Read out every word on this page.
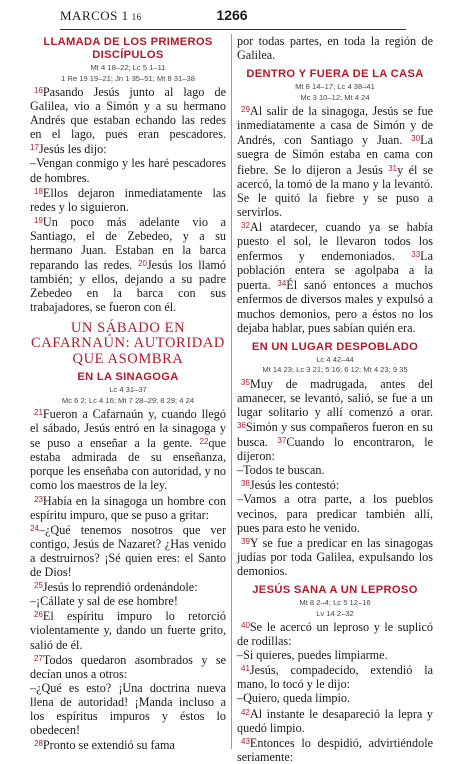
MARCOS 1 16	1266
LLAMADA DE LOS PRIMEROS DISCÍPULOS
Mt 4 18–22; Lc 5 1–11
1 Re 19 19–21; Jn 1 35–51; Mt 8 31–38

$^{16}$Pasando Jesús junto al lago de Galilea, vio a Simón y a su hermano Andrés que estaban echando las redes en el lago, pues eran pescadores. $^{17}$Jesús les dijo:

–Vengan conmigo y les haré pescadores de hombres.

$^{18}$Ellos dejaron inmediatamente las redes y lo siguieron.

$^{19}$Un poco más adelante vio a Santiago, el de Zebedeo, y a su hermano Juan. Estaban en la barca reparando las redes. $^{20}$Jesús los llamó también; y ellos, dejando a su padre Zebedeo en la barca con sus trabajadores, se fueron con él.

UN SÁBADO EN CAFARNAÚN: AUTORIDAD QUE ASOMBRA
EN LA SINAGOGA
Lc 4 31–37
Mc 6 2; Lc 4 16; Mt 7 28–29; 8 29; 4 24

$^{21}$Fueron a Cafarnaún y, cuando llegó el sábado, Jesús entró en la sinagoga y se puso a enseñar a la gente. $^{22}$que estaba admirada de su enseñanza, porque les enseñaba con autoridad, y no como los maestros de la ley.

$^{23}$Había en la sinagoga un hombre con espíritu impuro, que se puso a gritar:

$^{24}$–¿Qué tenemos nosotros que ver contigo, Jesús de Nazaret? ¿Has venido a destruirnos? ¡Sé quien eres: el Santo de Dios!

$^{25}$Jesús lo reprendió ordenándole:

–¡Cállate y sal de ese hombre!

$^{26}$El espíritu impuro lo retorció violentamente y, dando un fuerte grito, salió de él.

$^{27}$Todos quedaron asombrados y se decían unos a otros:

–¿Qué es esto? ¡Una doctrina nueva llena de autoridad! ¡Manda incluso a los espíritus impuros y éstos lo obedecen!

$^{28}$Pronto se extendió su fama

por todas partes, en toda la región de Galilea.

DENTRO Y FUERA DE LA CASA
Mt 8 14–17; Lc 4 38–41
Mc 3 10–12; Mt 4 24

$^{29}$Al salir de la sinagoga, Jesús se fue inmediatamente a casa de Simón y de Andrés, con Santiago y Juan. $^{30}$La suegra de Simón estaba en cama con fiebre. Se lo dijeron a Jesús $^{31}$y él se acercó, la tomó de la mano y la levantó. Se le quitó la fiebre y se puso a servirlos.

$^{32}$Al atardecer, cuando ya se había puesto el sol, le llevaron todos los enfermos y endemoniados. $^{33}$La población entera se agolpaba a la puerta. $^{34}$Él sanó entonces a muchos enfermos de diversos males y expulsó a muchos demonios, pero a éstos no los dejaba hablar, pues sabían quién era.

EN UN LUGAR DESPOBLADO
Lc 4 42–44
Mt 14 23; Lc 3 21; 5 16; 6 12; Mt 4 23; 9 35

$^{35}$Muy de madrugada, antes del amanecer, se levantó, salió, se fue a un lugar solitario y allí comenzó a orar. $^{36}$Simón y sus compañeros fueron en su busca. $^{37}$Cuando lo encontraron, le dijeron:

–Todos te buscan.

$^{38}$Jesús les contestó:

–Vamos a otra parte, a los pueblos vecinos, para predicar también allí, pues para esto he venido.

$^{39}$Y se fue a predicar en las sinagogas judías por toda Galilea, expulsando los demonios.

JESÚS SANA A UN LEPROSO
Mt 8 2–4; Lc 5 12–16
Lv 14 2–32

$^{40}$Se le acercó un leproso y le suplicó de rodillas:

–Si quieres, puedes limpiarme.

$^{41}$Jesús, compadecido, extendió la mano, lo tocó y le dijo:

–Quiero, queda limpio.

$^{42}$Al instante le desapareció la lepra y quedó limpio.

$^{43}$Entonces lo despidió, advirtiéndole seriamente:
